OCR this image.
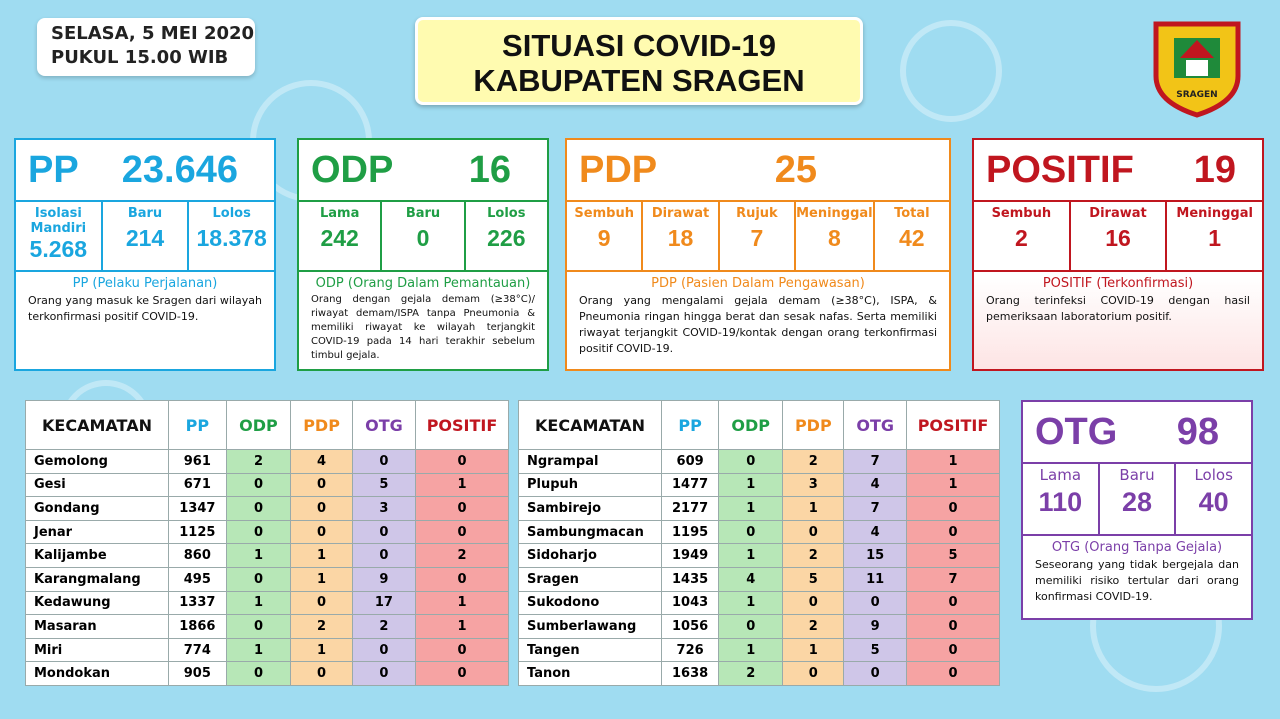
SELASA, 5 MEI 2020
PUKUL 15.00 WIB	SITUASI COVID-19
KABUPATEN SRAGEN	SRAGEN
PP 23.646
Isolasi Mandiri
5.268
Baru
214
Lolos
18.378
PP (Pelaku Perjalanan)
Orang yang masuk ke Sragen dari wilayah terkonfirmasi positif COVID-19.
ODP 16
Lama
242
Baru
0
Lolos
226
ODP (Orang Dalam Pemantauan)
Orang dengan gejala demam (≥38°C)/ riwayat demam/ISPA tanpa Pneumonia & memiliki riwayat ke wilayah terjangkit COVID-19 pada 14 hari terakhir sebelum timbul gejala.
PDP	25
Sembuh
9
Dirawat
18
Rujuk
7
Meninggal
8
Total
42
PDP (Pasien Dalam Pengawasan)
Orang yang mengalami gejala demam (≥38°C), ISPA, & Pneumonia ringan hingga berat dan sesak nafas. Serta memiliki riwayat terjangkit COVID-19/kontak dengan orang terkonfirmasi positif COVID-19.
POSITIF 19
Sembuh
2
Dirawat
16
Meninggal
1
POSITIF (Terkonfirmasi)
Orang terinfeksi COVID-19 dengan hasil pemeriksaan laboratorium positif.
KECAMATAN	PP	ODP	PDP	OTG	POSITIF
Gemolong	961	2	4	0	0
Gesi	671	0	0	5	1
Gondang	1347	0	0	3	0
Jenar	1125	0	0	0	0
Kalijambe	860	1	1	0	2
Karangmalang	495	0	1	9	0
Kedawung	1337	1	0	17	1
Masaran	1866	0	2	2	1
Miri	774	1	1	0	0
Mondokan	905	0	0	0	0
KECAMATAN	PP	ODP	PDP	OTG	POSITIF
Ngrampal	609	0	2	7	1
Plupuh	1477	1	3	4	1
Sambirejo	2177	1	1	7	0
Sambungmacan	1195	0	0	4	0
Sidoharjo	1949	1	2	15	5
Sragen	1435	4	5	11	7
Sukodono	1043	1	0	0	0
Sumberlawang	1056	0	2	9	0
Tangen	726	1	1	5	0
Tanon	1638	2	0	0	0
OTG 98
Lama
110
Baru
28
Lolos
40
OTG (Orang Tanpa Gejala)
Seseorang yang tidak bergejala dan memiliki risiko tertular dari orang konfirmasi COVID-19.
